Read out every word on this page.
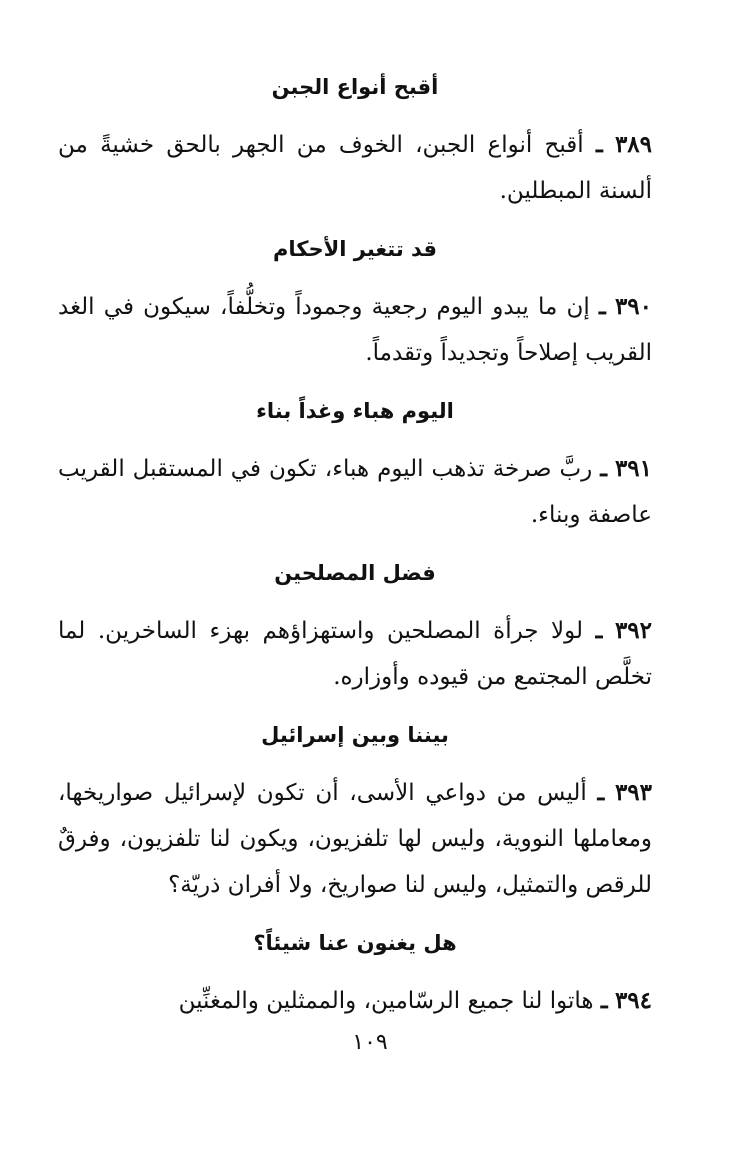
أقبح أنواع الجبن

٣٨٩ ـ أقبح أنواع الجبن، الخوف من الجهر بالحق خشيةً من ألسنة المبطلين.

قد تتغير الأحكام

٣٩٠ ـ إن ما يبدو اليوم رجعية وجموداً وتخلُّفاً، سيكون في الغد القريب إصلاحاً وتجديداً وتقدماً.

اليوم هباء وغداً بناء

٣٩١ ـ ربَّ صرخة تذهب اليوم هباء، تكون في المستقبل القريب عاصفة وبناء.

فضل المصلحين

٣٩٢ ـ لولا جرأة المصلحين واستهزاؤهم بهزء الساخرين. لما تخلَّص المجتمع من قيوده وأوزاره.

بيننا وبين إسرائيل

٣٩٣ ـ أليس من دواعي الأسى، أن تكون لإسرائيل صواريخها، ومعاملها النووية، وليس لها تلفزيون، ويكون لنا تلفزيون، وفرقٌ للرقص والتمثيل، وليس لنا صواريخ، ولا أفران ذريّة؟

هل يغنون عنا شيئاً؟

٣٩٤ ـ هاتوا لنا جميع الرسّامين، والممثلين والمغنِّين

١٠٩
